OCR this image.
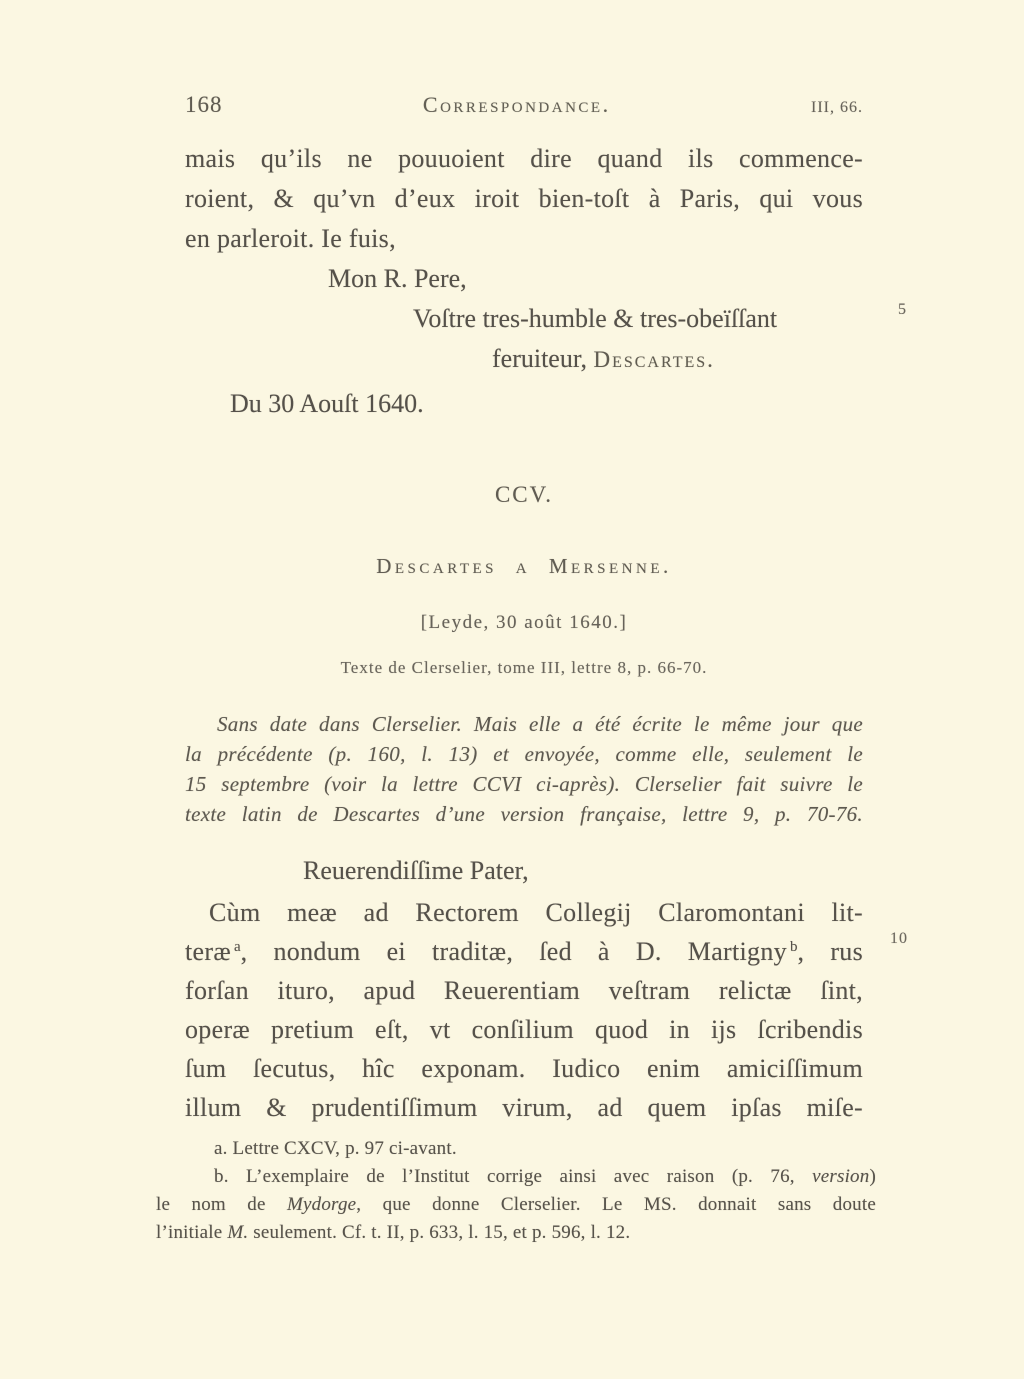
168	Correspondance.	III, 66.
mais qu’ils ne pouuoient dire quand ils commence-
roient, & qu’vn d’eux iroit bien-toſt à Paris, qui vous
en parleroit. Ie fuis,
Mon R. Pere,
Voſtre tres-humble & tres-obeïſſant
feruiteur, Descartes.
Du 30 Aouſt 1640.
CCV.
Descartes a Mersenne.
[Leyde, 30 août 1640.]
Texte de Clerselier, tome III, lettre 8, p. 66-70.
Sans date dans Clerselier. Mais elle a été écrite le même jour que
la précédente (p. 160, l. 13) et envoyée, comme elle, seulement le
15 septembre (voir la lettre CCVI ci-après). Clerselier fait suivre le
texte latin de Descartes d’une version française, lettre 9, p. 70-76.
Reuerendiſſime Pater,
Cùm meæ ad Rectorem Collegij Claromontani lit-
teræ $^a$, nondum ei traditæ, ſed à D. Martigny $^b$, rus
forſan ituro, apud Reuerentiam veſtram relictæ ſint,
operæ pretium eſt, vt conſilium quod in ijs ſcribendis
ſum ſecutus, hîc exponam. Iudico enim amiciſſimum
illum & prudentiſſimum virum, ad quem ipſas miſe-
a. Lettre CXCV, p. 97 ci-avant.
b. L’exemplaire de l’Institut corrige ainsi avec raison (p. 76, version)
le nom de Mydorge, que donne Clerselier. Le MS. donnait sans doute
l’initiale M. seulement. Cf. t. II, p. 633, l. 15, et p. 596, l. 12.
5
10
